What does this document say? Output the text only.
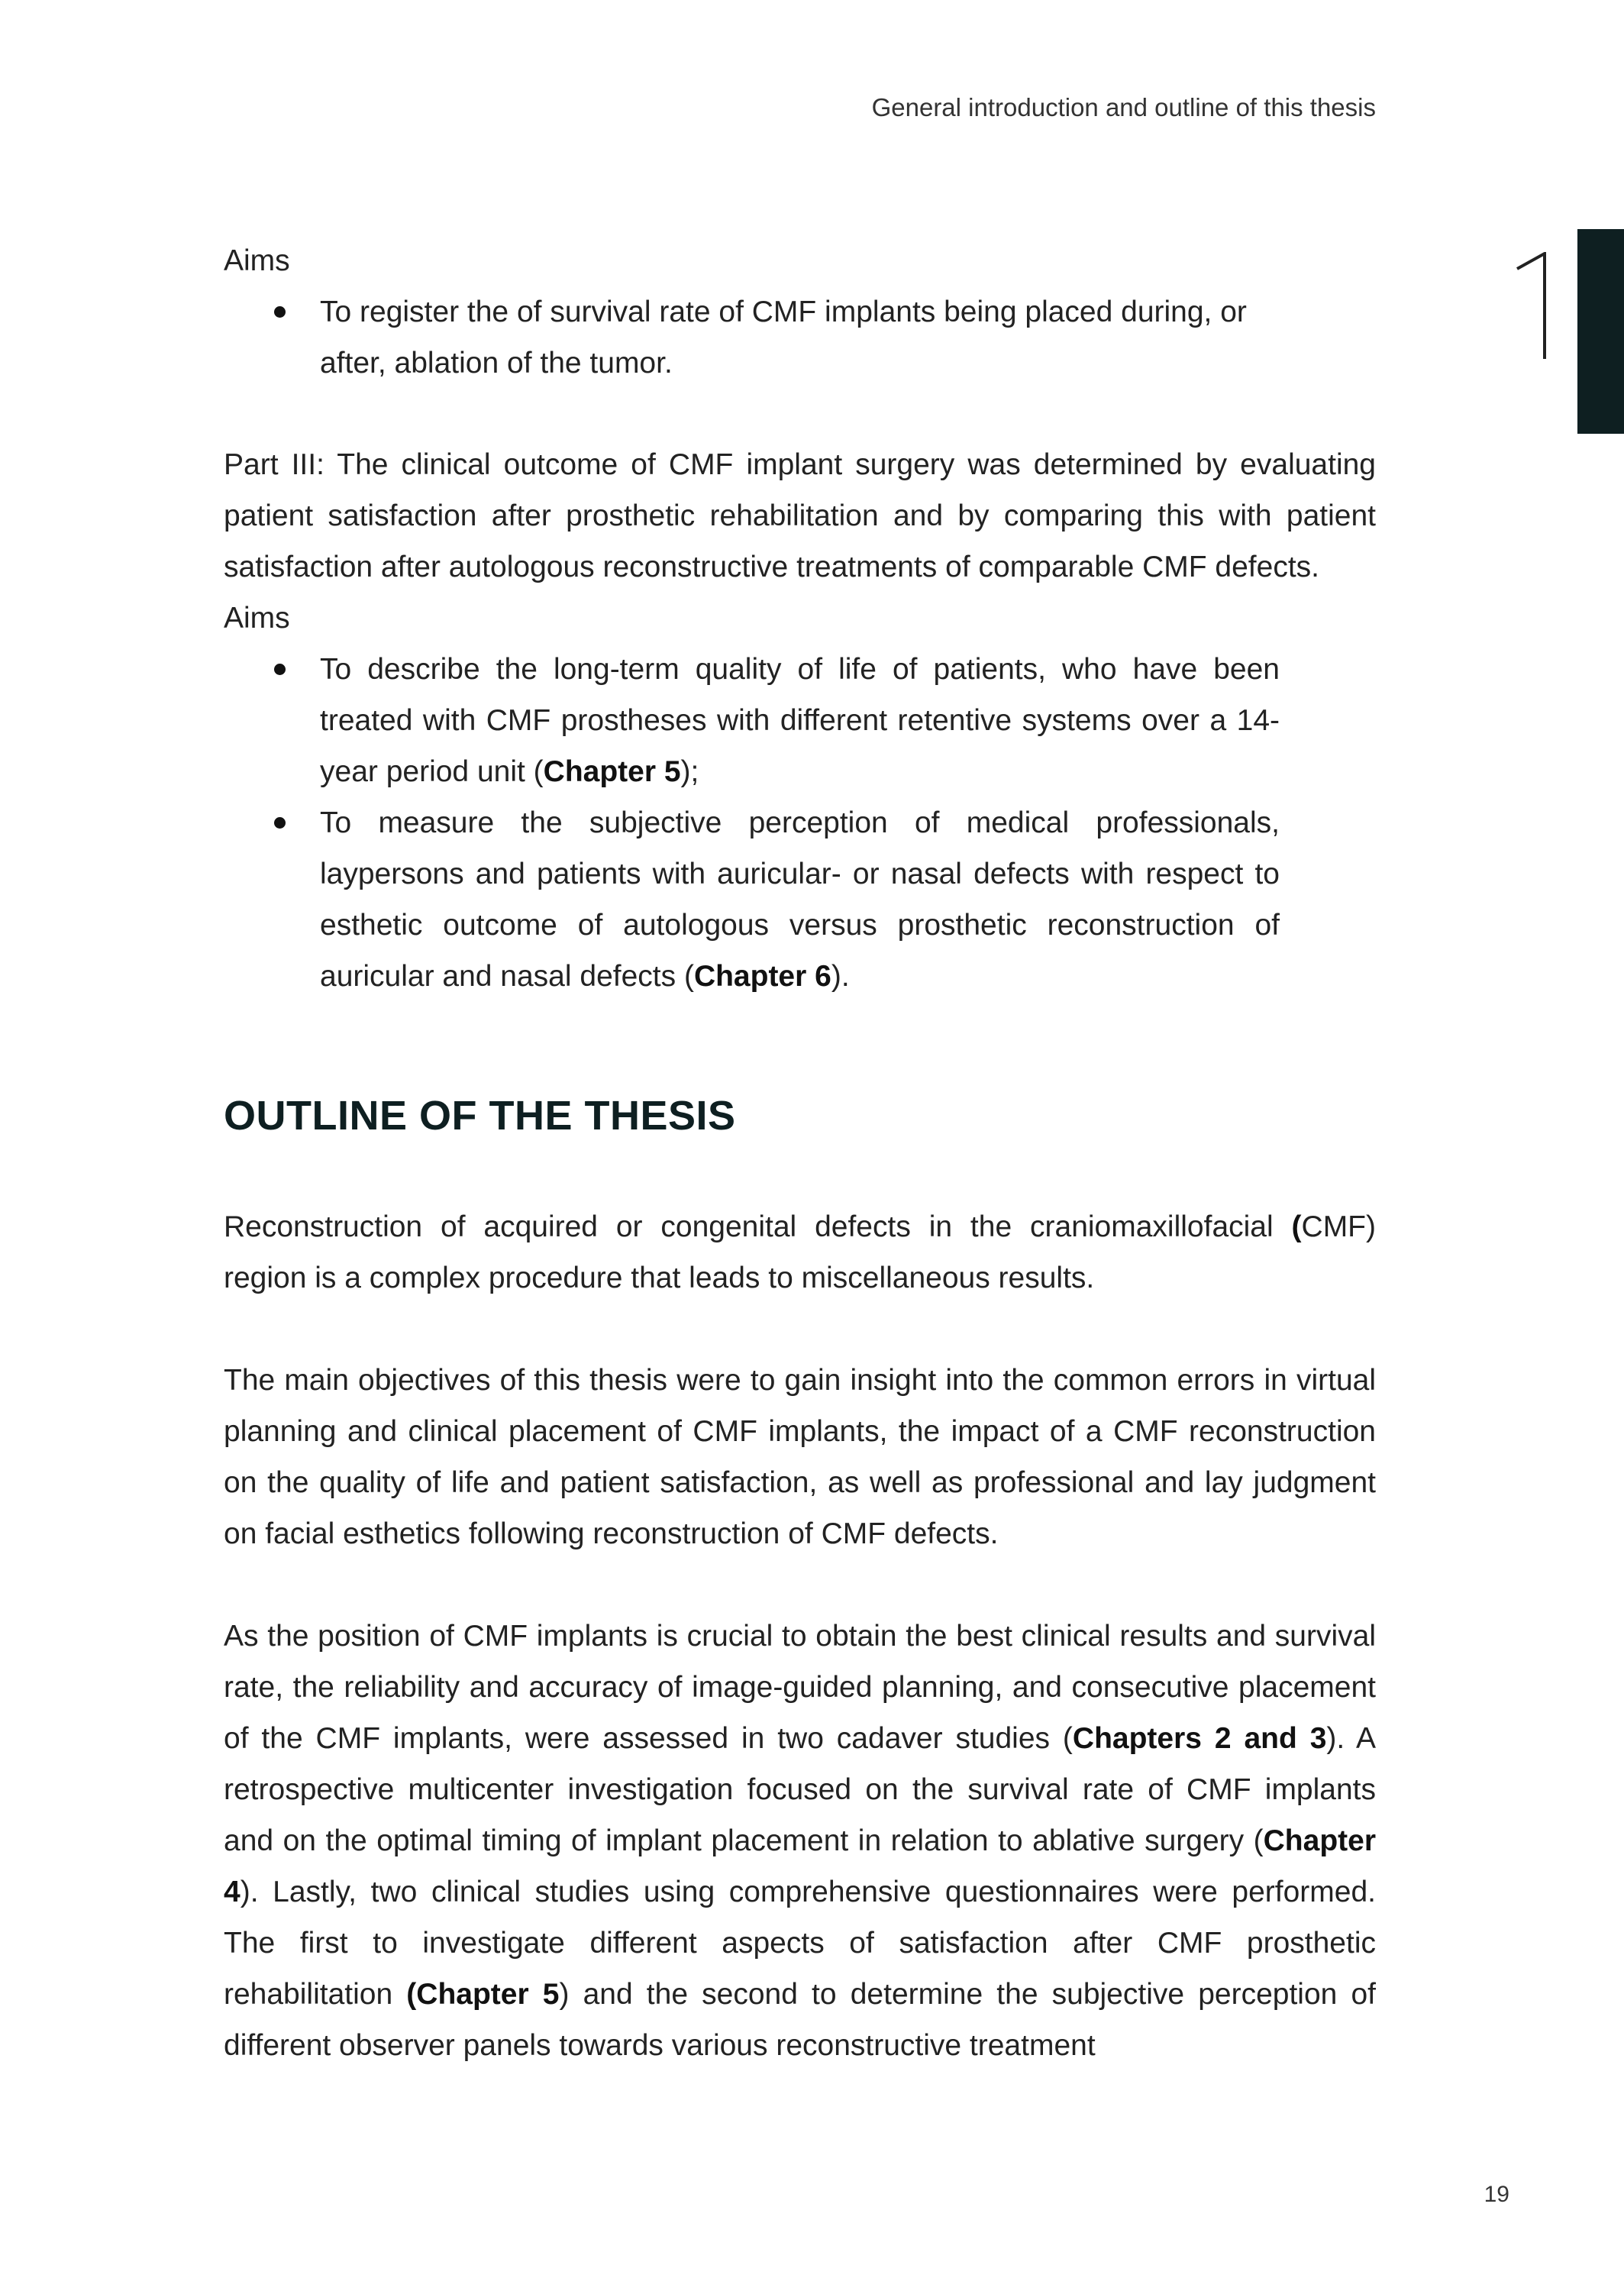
General introduction and outline of this thesis

Aims

To register the of survival rate of CMF implants being placed during, or after, ablation of the tumor.

Part III: The clinical outcome of CMF implant surgery was determined by evaluating patient satisfaction after prosthetic rehabilitation and by comparing this with patient satisfaction after autologous reconstructive treatments of comparable CMF defects.

Aims

To describe the long-term quality of life of patients, who have been treated with CMF prostheses with different retentive systems over a 14-year period unit (Chapter 5);
To measure the subjective perception of medical professionals, laypersons and patients with auricular- or nasal defects with respect to esthetic outcome of autologous versus prosthetic reconstruction of auricular and nasal defects (Chapter 6).
OUTLINE OF THE THESIS

Reconstruction of acquired or congenital defects in the craniomaxillofacial (CMF) region is a complex procedure that leads to miscellaneous results.

The main objectives of this thesis were to gain insight into the common errors in virtual planning and clinical placement of CMF implants, the impact of a CMF reconstruction on the quality of life and patient satisfaction, as well as professional and lay judgment on facial esthetics following reconstruction of CMF defects.

As the position of CMF implants is crucial to obtain the best clinical results and survival rate, the reliability and accuracy of image-guided planning, and consecutive placement of the CMF implants, were assessed in two cadaver studies (Chapters 2 and 3). A retrospective multicenter investigation focused on the survival rate of CMF implants and on the optimal timing of implant placement in relation to ablative surgery (Chapter 4). Lastly, two clinical studies using comprehensive questionnaires were performed. The first to investigate different aspects of satisfaction after CMF prosthetic rehabilitation (Chapter 5) and the second to determine the subjective perception of different observer panels towards various reconstructive treatment

19
